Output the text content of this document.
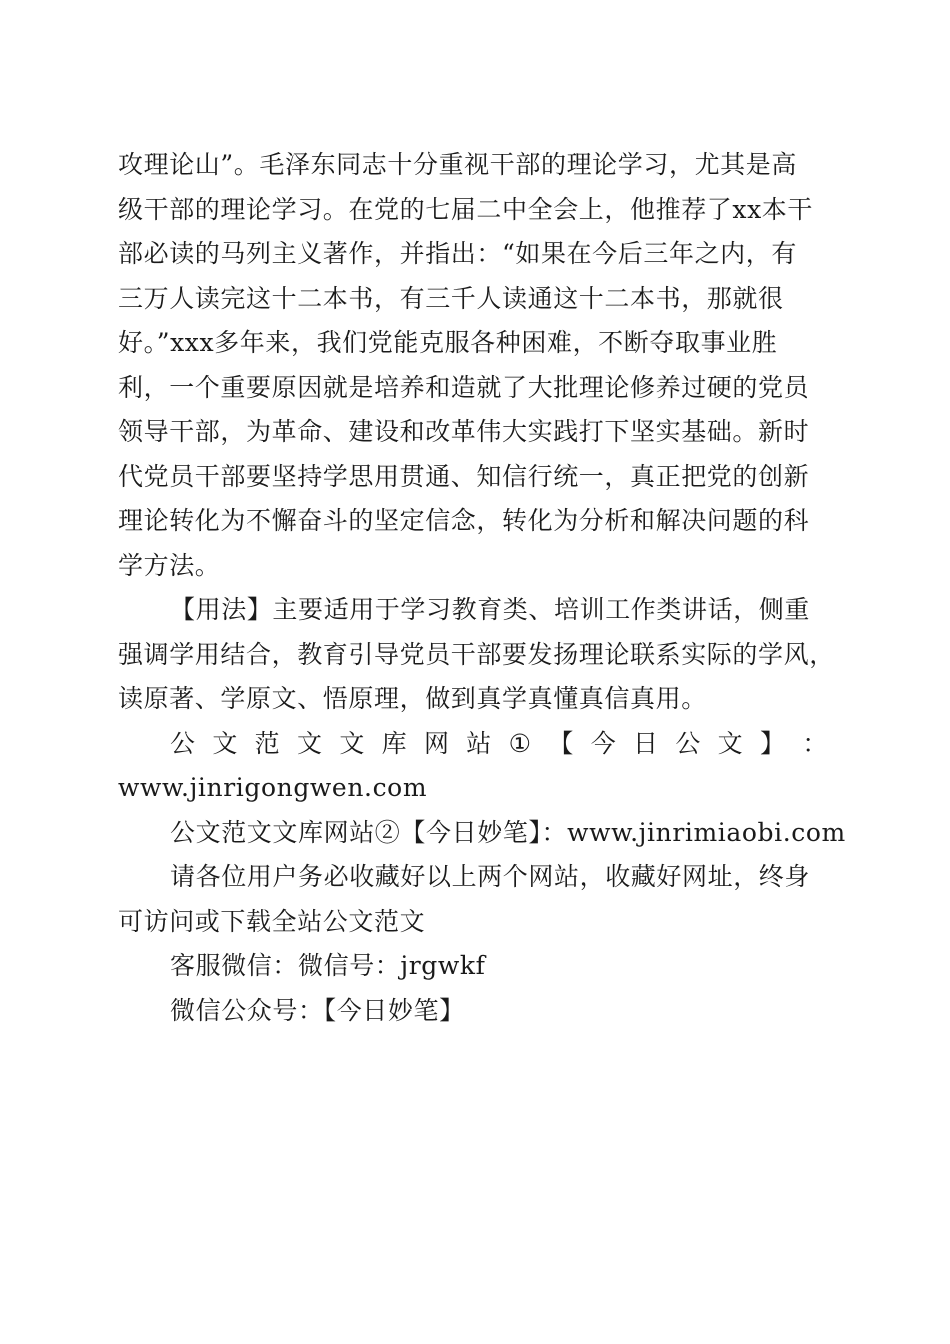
攻理论山”。毛泽东同志十分重视干部的理论学习，尤其是高
级干部的理论学习。在党的七届二中全会上，他推荐了xx本干
部必读的马列主义著作，并指出：“如果在今后三年之内，有
三万人读完这十二本书，有三千人读通这十二本书，那就很
好。”xxx多年来，我们党能克服各种困难，不断夺取事业胜
利，一个重要原因就是培养和造就了大批理论修养过硬的党员
领导干部，为革命、建设和改革伟大实践打下坚实基础。新时
代党员干部要坚持学思用贯通、知信行统一，真正把党的创新
理论转化为不懈奋斗的坚定信念，转化为分析和解决问题的科
学方法。
【用法】主要适用于学习教育类、培训工作类讲话，侧重
强调学用结合，教育引导党员干部要发扬理论联系实际的学风，
读原著、学原文、悟原理，做到真学真懂真信真用。
公 文 范 文 文 库 网 站 ① 【 今 日 公 文 】 ：
www.jinrigongwen.com
公文范文文库网站②【今日妙笔】：www.jinrimiaobi.com
请各位用户务必收藏好以上两个网站，收藏好网址，终身
可访问或下载全站公文范文
客服微信：微信号：jrgwkf
微信公众号：【今日妙笔】
